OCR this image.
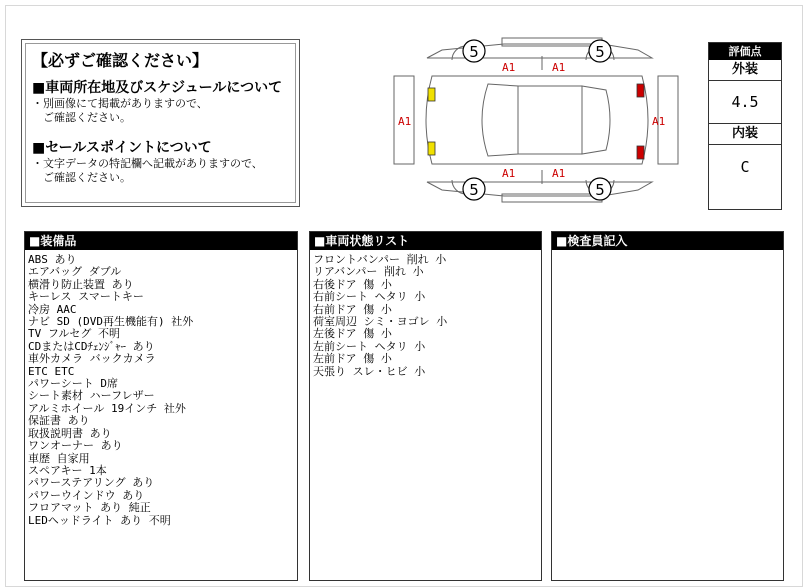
【必ずご確認ください】
■車両所在地及びスケジュールについて
・別画像にて掲載がありますので、
　ご確認ください。
■セールスポイントについて
・文字データの特記欄へ記載がありますので、
　ご確認ください。
5	5
5	5
A1	A1
A1	A1
A1	A1
評価点
外装
4.5
内装
C
■装備品
ABS あり
エアバッグ ダブル
横滑り防止装置 あり
キーレス スマートキー
冷房 AAC
ナビ SD (DVD再生機能有) 社外
TV フルセグ 不明
CDまたはCDﾁｪﾝｼﾞｬｰ あり
車外カメラ バックカメラ
ETC ETC
パワーシート D席
シート素材 ハーフレザー
アルミホイール 19インチ 社外
保証書 あり
取扱説明書 あり
ワンオーナー あり
車歴 自家用
スペアキー 1本
パワーステアリング あり
パワーウインドウ あり
フロアマット あり 純正
LEDヘッドライト あり 不明
■車両状態リスト
フロントバンパー 削れ 小
リアバンパー 削れ 小
右後ドア 傷 小
右前シート ヘタリ 小
右前ドア 傷 小
荷室周辺 シミ・ヨゴレ 小
左後ドア 傷 小
左前シート ヘタリ 小
左前ドア 傷 小
天張り スレ・ヒビ 小
■検査員記入
